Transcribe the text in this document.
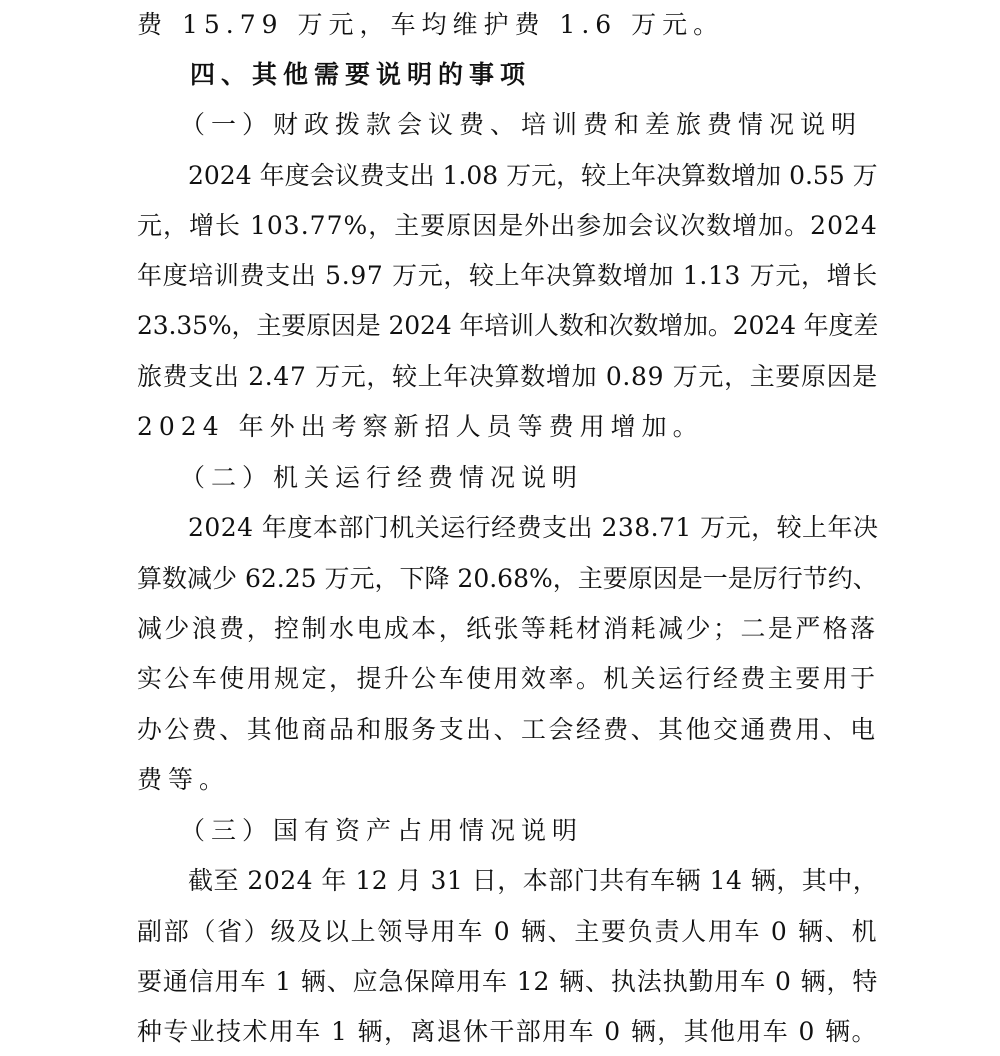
费 15.79 万元，车均维护费 1.6 万元。
四、其他需要说明的事项
（一）财政拨款会议费、培训费和差旅费情况说明
2024 年度会议费支出 1.08 万元，较上年决算数增加 0.55 万
元，增长 103.77%，主要原因是外出参加会议次数增加。2024
年度培训费支出 5.97 万元，较上年决算数增加 1.13 万元，增长
23.35%，主要原因是 2024 年培训人数和次数增加。2024 年度差
旅费支出 2.47 万元，较上年决算数增加 0.89 万元，主要原因是
2024 年外出考察新招人员等费用增加。
（二）机关运行经费情况说明
2024 年度本部门机关运行经费支出 238.71 万元，较上年决
算数减少 62.25 万元，下降 20.68%，主要原因是一是厉行节约、
减少浪费，控制水电成本，纸张等耗材消耗减少；二是严格落
实公车使用规定，提升公车使用效率。机关运行经费主要用于
办公费、其他商品和服务支出、工会经费、其他交通费用、电
费等。
（三）国有资产占用情况说明
截至 2024 年 12 月 31 日，本部门共有车辆 14 辆，其中，
副部（省）级及以上领导用车 0 辆、主要负责人用车 0 辆、机
要通信用车 1 辆、应急保障用车 12 辆、执法执勤用车 0 辆，特
种专业技术用车 1 辆，离退休干部用车 0 辆，其他用车 0 辆。
